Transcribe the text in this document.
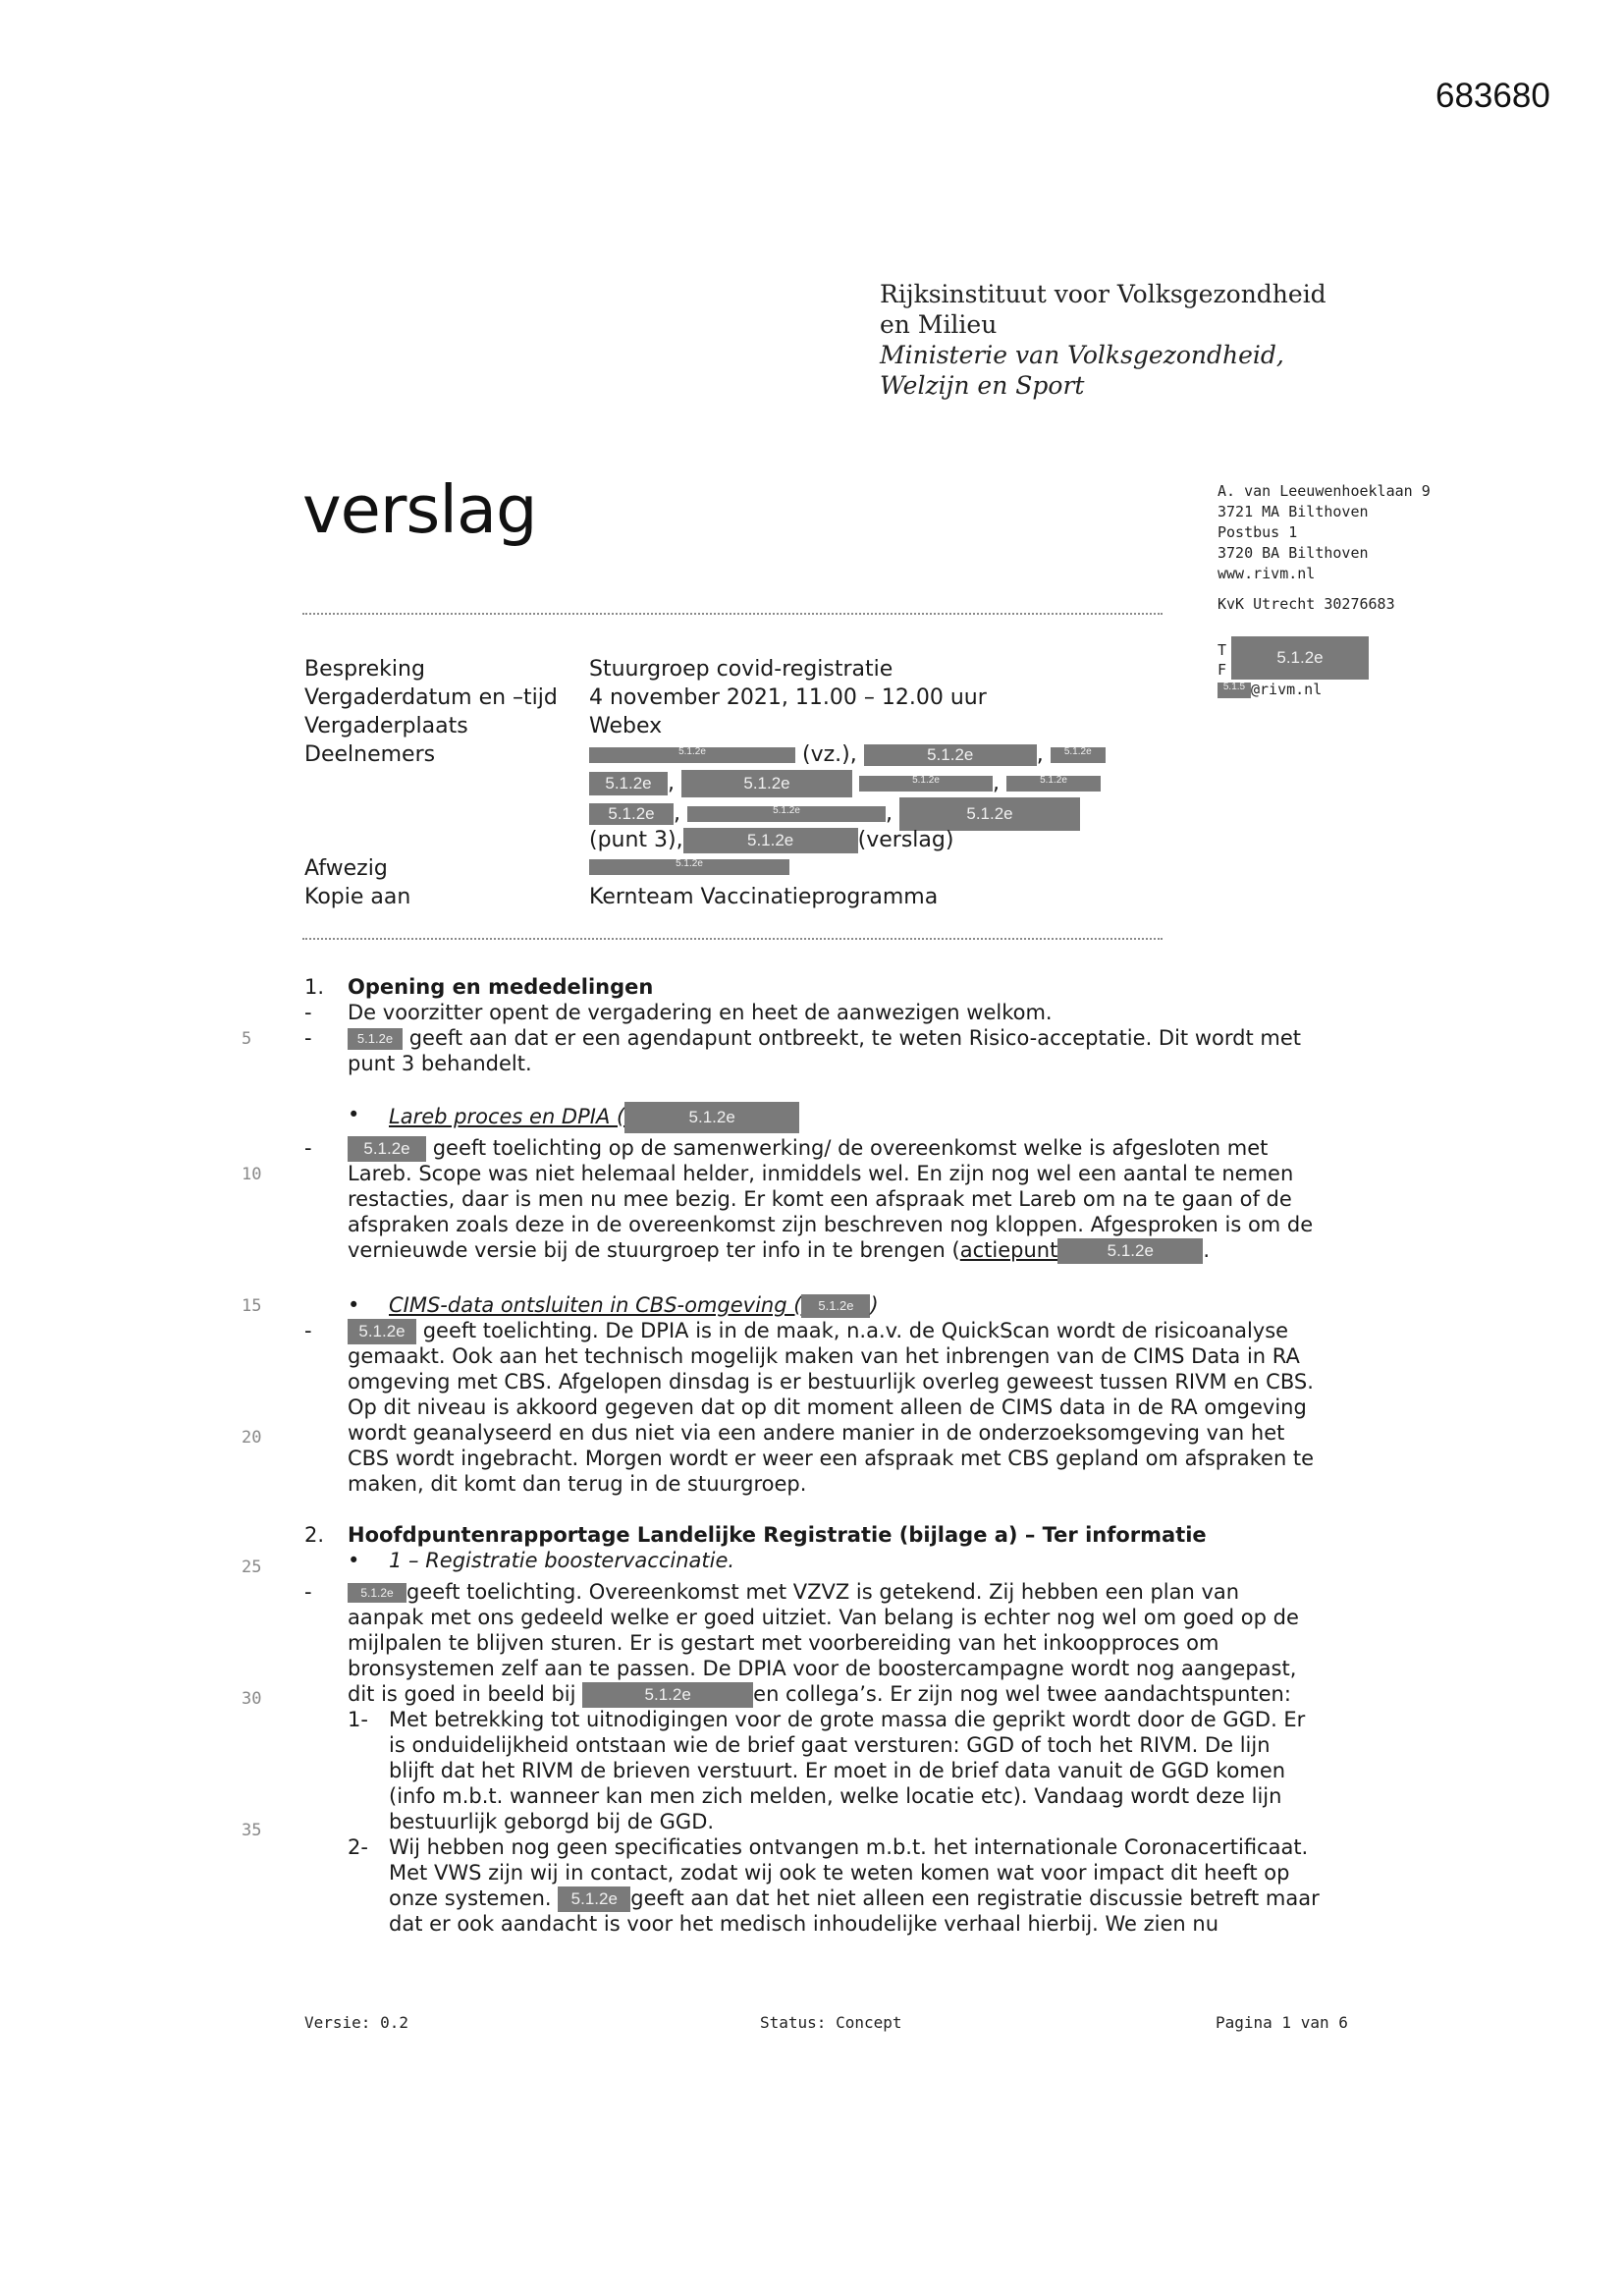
683680
Rijksinstituut voor Volksgezondheid
en Milieu
Ministerie van Volksgezondheid,
Welzijn en Sport
verslag	A. van Leeuwenhoeklaan 9
3721 MA Bilthoven
Postbus 1
3720 BA Bilthoven
www.rivm.nl
KvK Utrecht 30276683
T
F
5.1.5 @rivm.nl
5.1.2e
Bespreking	Stuurgroep covid-registratie
Vergaderdatum en –tijd 4 november 2021, 11.00 – 12.00 uur
Vergaderplaats	Webex
Deelnemers	5.1.2e	(vz.),	5.1.2e	, 5.1.2e
5.1.2e ,	5.1.2e	5.1.2e ,	5.1.2e
5.1.2e ,	5.1.2e	,	5.1.2e
(punt 3),	5.1.2e	(verslag)
Afwezig	5.1.2e
Kopie aan	Kernteam Vaccinatieprogramma
5
10
15
20
25
30
35
1. Opening en mededelingen
- De voorzitter opent de vergadering en heet de aanwezigen welkom.
-	5.1.2e geeft aan dat er een agendapunt ontbreekt, te weten Risico-acceptatie. Dit wordt met
punt 3 behandelt.
• Lareb proces en DPIA (	5.1.2e
-	5.1.2e geeft toelichting op de samenwerking/ de overeenkomst welke is afgesloten met
Lareb. Scope was niet helemaal helder, inmiddels wel. En zijn nog wel een aantal te nemen
restacties, daar is men nu mee bezig. Er komt een afspraak met Lareb om na te gaan of de
afspraken zoals deze in de overeenkomst zijn beschreven nog kloppen. Afgesproken is om de
vernieuwde versie bij de stuurgroep ter info in te brengen (actiepunt	5.1.2e .
• CIMS-data ontsluiten in CBS-omgeving ( 5.1.2e )
-	5.1.2e geeft toelichting. De DPIA is in de maak, n.a.v. de QuickScan wordt de risicoanalyse
gemaakt. Ook aan het technisch mogelijk maken van het inbrengen van de CIMS Data in RA
omgeving met CBS. Afgelopen dinsdag is er bestuurlijk overleg geweest tussen RIVM en CBS.
Op dit niveau is akkoord gegeven dat op dit moment alleen de CIMS data in de RA omgeving
wordt geanalyseerd en dus niet via een andere manier in de onderzoeksomgeving van het
CBS wordt ingebracht. Morgen wordt er weer een afspraak met CBS gepland om afspraken te
maken, dit komt dan terug in de stuurgroep.
2. Hoofdpuntenrapportage Landelijke Registratie (bijlage a) – Ter informatie
• 1 – Registratie boostervaccinatie.
-	5.1.2e geeft toelichting. Overeenkomst met VZVZ is getekend. Zij hebben een plan van
aanpak met ons gedeeld welke er goed uitziet. Van belang is echter nog wel om goed op de
mijlpalen te blijven sturen. Er is gestart met voorbereiding van het inkoopproces om
bronsystemen zelf aan te passen. De DPIA voor de boostercampagne wordt nog aangepast,
dit is goed in beeld bij	5.1.2e	en collega’s. Er zijn nog wel twee aandachtspunten:
1- Met betrekking tot uitnodigingen voor de grote massa die geprikt wordt door de GGD. Er
is onduidelijkheid ontstaan wie de brief gaat versturen: GGD of toch het RIVM. De lijn
blijft dat het RIVM de brieven verstuurt. Er moet in de brief data vanuit de GGD komen
(info m.b.t. wanneer kan men zich melden, welke locatie etc). Vandaag wordt deze lijn
bestuurlijk geborgd bij de GGD.
2- Wij hebben nog geen specificaties ontvangen m.b.t. het internationale Coronacertificaat.
Met VWS zijn wij in contact, zodat wij ook te weten komen wat voor impact dit heeft op
onze systemen. 5.1.2e geeft aan dat het niet alleen een registratie discussie betreft maar
dat er ook aandacht is voor het medisch inhoudelijke verhaal hierbij. We zien nu
Versie: 0.2	Status: Concept	Pagina 1 van 6
